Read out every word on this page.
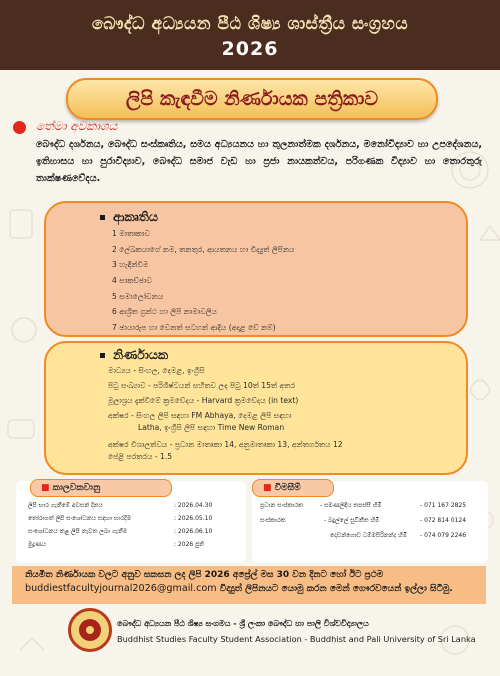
බෞද්ධ අධ්‍යයන පීඨ ශිෂ්‍ය ශාස්ත්‍රීය සංග්‍රහය
2026
ලිපි කැඳවීම නිර්ණායක පත්‍රිකාව
තේමා අවකාශය
බෞද්ධ දර්ශනය, බෞද්ධ සංස්කෘතිය, සමය අධ්‍යයනය හා තුලනාත්මක දර්ශනය, මනෝවිද්‍යාව හා උපදේශනය, ඉතිහාසය හා පුරාවිද්‍යාව, බෞද්ධ සමාජ වැඩ හා ප්‍රජා නායකත්වය, පරිගණක විද්‍යාව හා තොරතුරු තාක්ෂණවේදය.
ආකෘතිය
1 මාතෘකාව
2 ලේඛකයාගේ නම, තනතුර, ආයතනය හා විද්‍යුත් ලිපිනය
3 හැඳින්වීම
4 සාකච්ඡාව
5 සමාලෝචනය
6 ආශ්‍රිත ග්‍රන්ථ හා ලිපි නාමාවලිය
7 ඡායාරූප හා වෙනත් සටහන් ආදිය (අදාළ වේ නම්)
නිර්ණායක
මාධ්‍යය - සිංහල, දෙමළ, ඉංග්‍රීසි
පිටු සංඛ්‍යාව - පරිශිෂ්ටයන් සහිතව ලද පිටු 10ත් 15ත් අතර
මූලාශ්‍රය දැක්වීමේ ක්‍රමවේදය - Harvard ක්‍රමවේදය (in text)
අක්ෂර - සිංහල ලිපි සඳහා FM Abhaya, දෙමළ ලිපි සඳහා
Latha, ඉංග්‍රීසි ලිපි සඳහා Time New Roman
අක්ෂර විශාලත්වය - ප්‍රධාන මාතෘකා 14, අනුමාතෘකා 13, අන්තර්ගතය 12
පේළි පරතරය - 1.5
■ කාලවකවානු
ලිපි භාර ගැනීමේ අවසන් දිනය	: 2026.04.30
තෝරාගත් ලිපි සංශෝධනය සඳහා භාරදීම	: 2026.05.10
සංශෝධනය කළ ලිපි නැවත ලබා ගැනීම	: 2026.06.10
මුද්‍රණය	: 2026 ජුනි
■ විමසීම්
ප්‍රධාන සංස්කාරක	- සමණලිඳිය තපස්සී හිමි	- 071 167 2825
සංස්කාරක	- බදුල්ලේ සුවිනීත හිමි	- 072 814 0124
දොඩන්ගොඩ ධම්මසිරිනන්ද හිමි - 074 079 2246
නියමිත නිර්ණායක වලට අනුව සකසන ලද ලිපි 2026 අප්‍රේල් මස 30 වන දිනට හෝ ඊට ප්‍රථම
buddiestfacultyjournal2026@gmail.com විද්‍යුත් ලිපිනයට යොමු කරන මෙන් ගෞරවයෙන් ඉල්ලා සිටිමු.
බෞද්ධ අධ්‍යයන පීඨ ශිෂ්‍ය සංගමය - ශ්‍රී ලංකා බෞද්ධ හා පාලි විශ්වවිද්‍යාලය
Buddhist Studies Faculty Student Association - Buddhist and Pali University of Sri Lanka
